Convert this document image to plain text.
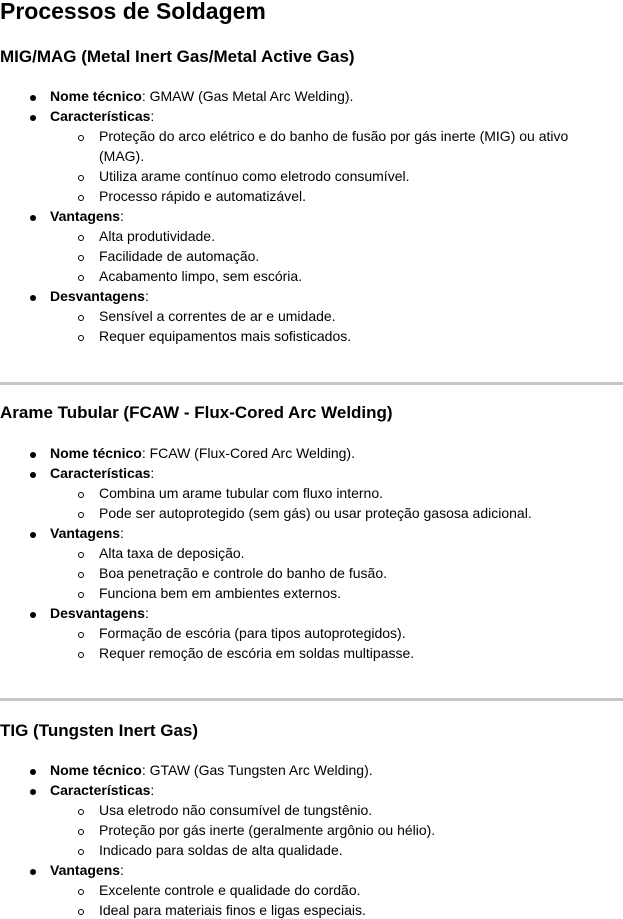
Processos de Soldagem
MIG/MAG (Metal Inert Gas/Metal Active Gas)
Nome técnico: GMAW (Gas Metal Arc Welding).
Características:
Proteção do arco elétrico e do banho de fusão por gás inerte (MIG) ou ativo
(MAG).
Utiliza arame contínuo como eletrodo consumível.
Processo rápido e automatizável.
Vantagens:
Alta produtividade.
Facilidade de automação.
Acabamento limpo, sem escória.
Desvantagens:
Sensível a correntes de ar e umidade.
Requer equipamentos mais sofisticados.
Arame Tubular (FCAW - Flux-Cored Arc Welding)
Nome técnico: FCAW (Flux-Cored Arc Welding).
Características:
Combina um arame tubular com fluxo interno.
Pode ser autoprotegido (sem gás) ou usar proteção gasosa adicional.
Vantagens:
Alta taxa de deposição.
Boa penetração e controle do banho de fusão.
Funciona bem em ambientes externos.
Desvantagens:
Formação de escória (para tipos autoprotegidos).
Requer remoção de escória em soldas multipasse.
TIG (Tungsten Inert Gas)
Nome técnico: GTAW (Gas Tungsten Arc Welding).
Características:
Usa eletrodo não consumível de tungstênio.
Proteção por gás inerte (geralmente argônio ou hélio).
Indicado para soldas de alta qualidade.
Vantagens:
Excelente controle e qualidade do cordão.
Ideal para materiais finos e ligas especiais.
